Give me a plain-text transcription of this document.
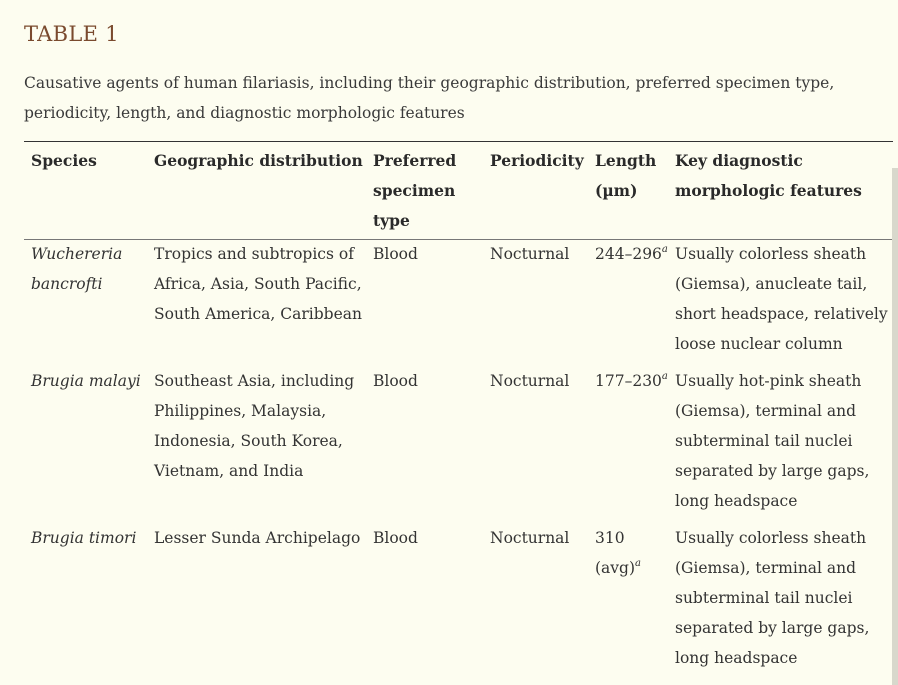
TABLE 1
Causative agents of human filariasis, including their geographic distribution, preferred specimen type, periodicity, length, and diagnostic morphologic features
Species	Geographic distribution	Preferred specimen type	Periodicity	Length (µm)	Key diagnostic morphologic features
Wuchereria bancrofti	Tropics and subtropics of Africa, Asia, South Pacific, South America, Caribbean	Blood	Nocturnal	244–296$^a$	Usually colorless sheath (Giemsa), anucleate tail, short headspace, relatively loose nuclear column
Brugia malayi	Southeast Asia, including Philippines, Malaysia, Indonesia, South Korea, Vietnam, and India	Blood	Nocturnal	177–230$^a$	Usually hot-pink sheath (Giemsa), terminal and subterminal tail nuclei separated by large gaps, long headspace
Brugia timori	Lesser Sunda Archipelago	Blood	Nocturnal	310 (avg)$^a$	Usually colorless sheath (Giemsa), terminal and subterminal tail nuclei separated by large gaps, long headspace
